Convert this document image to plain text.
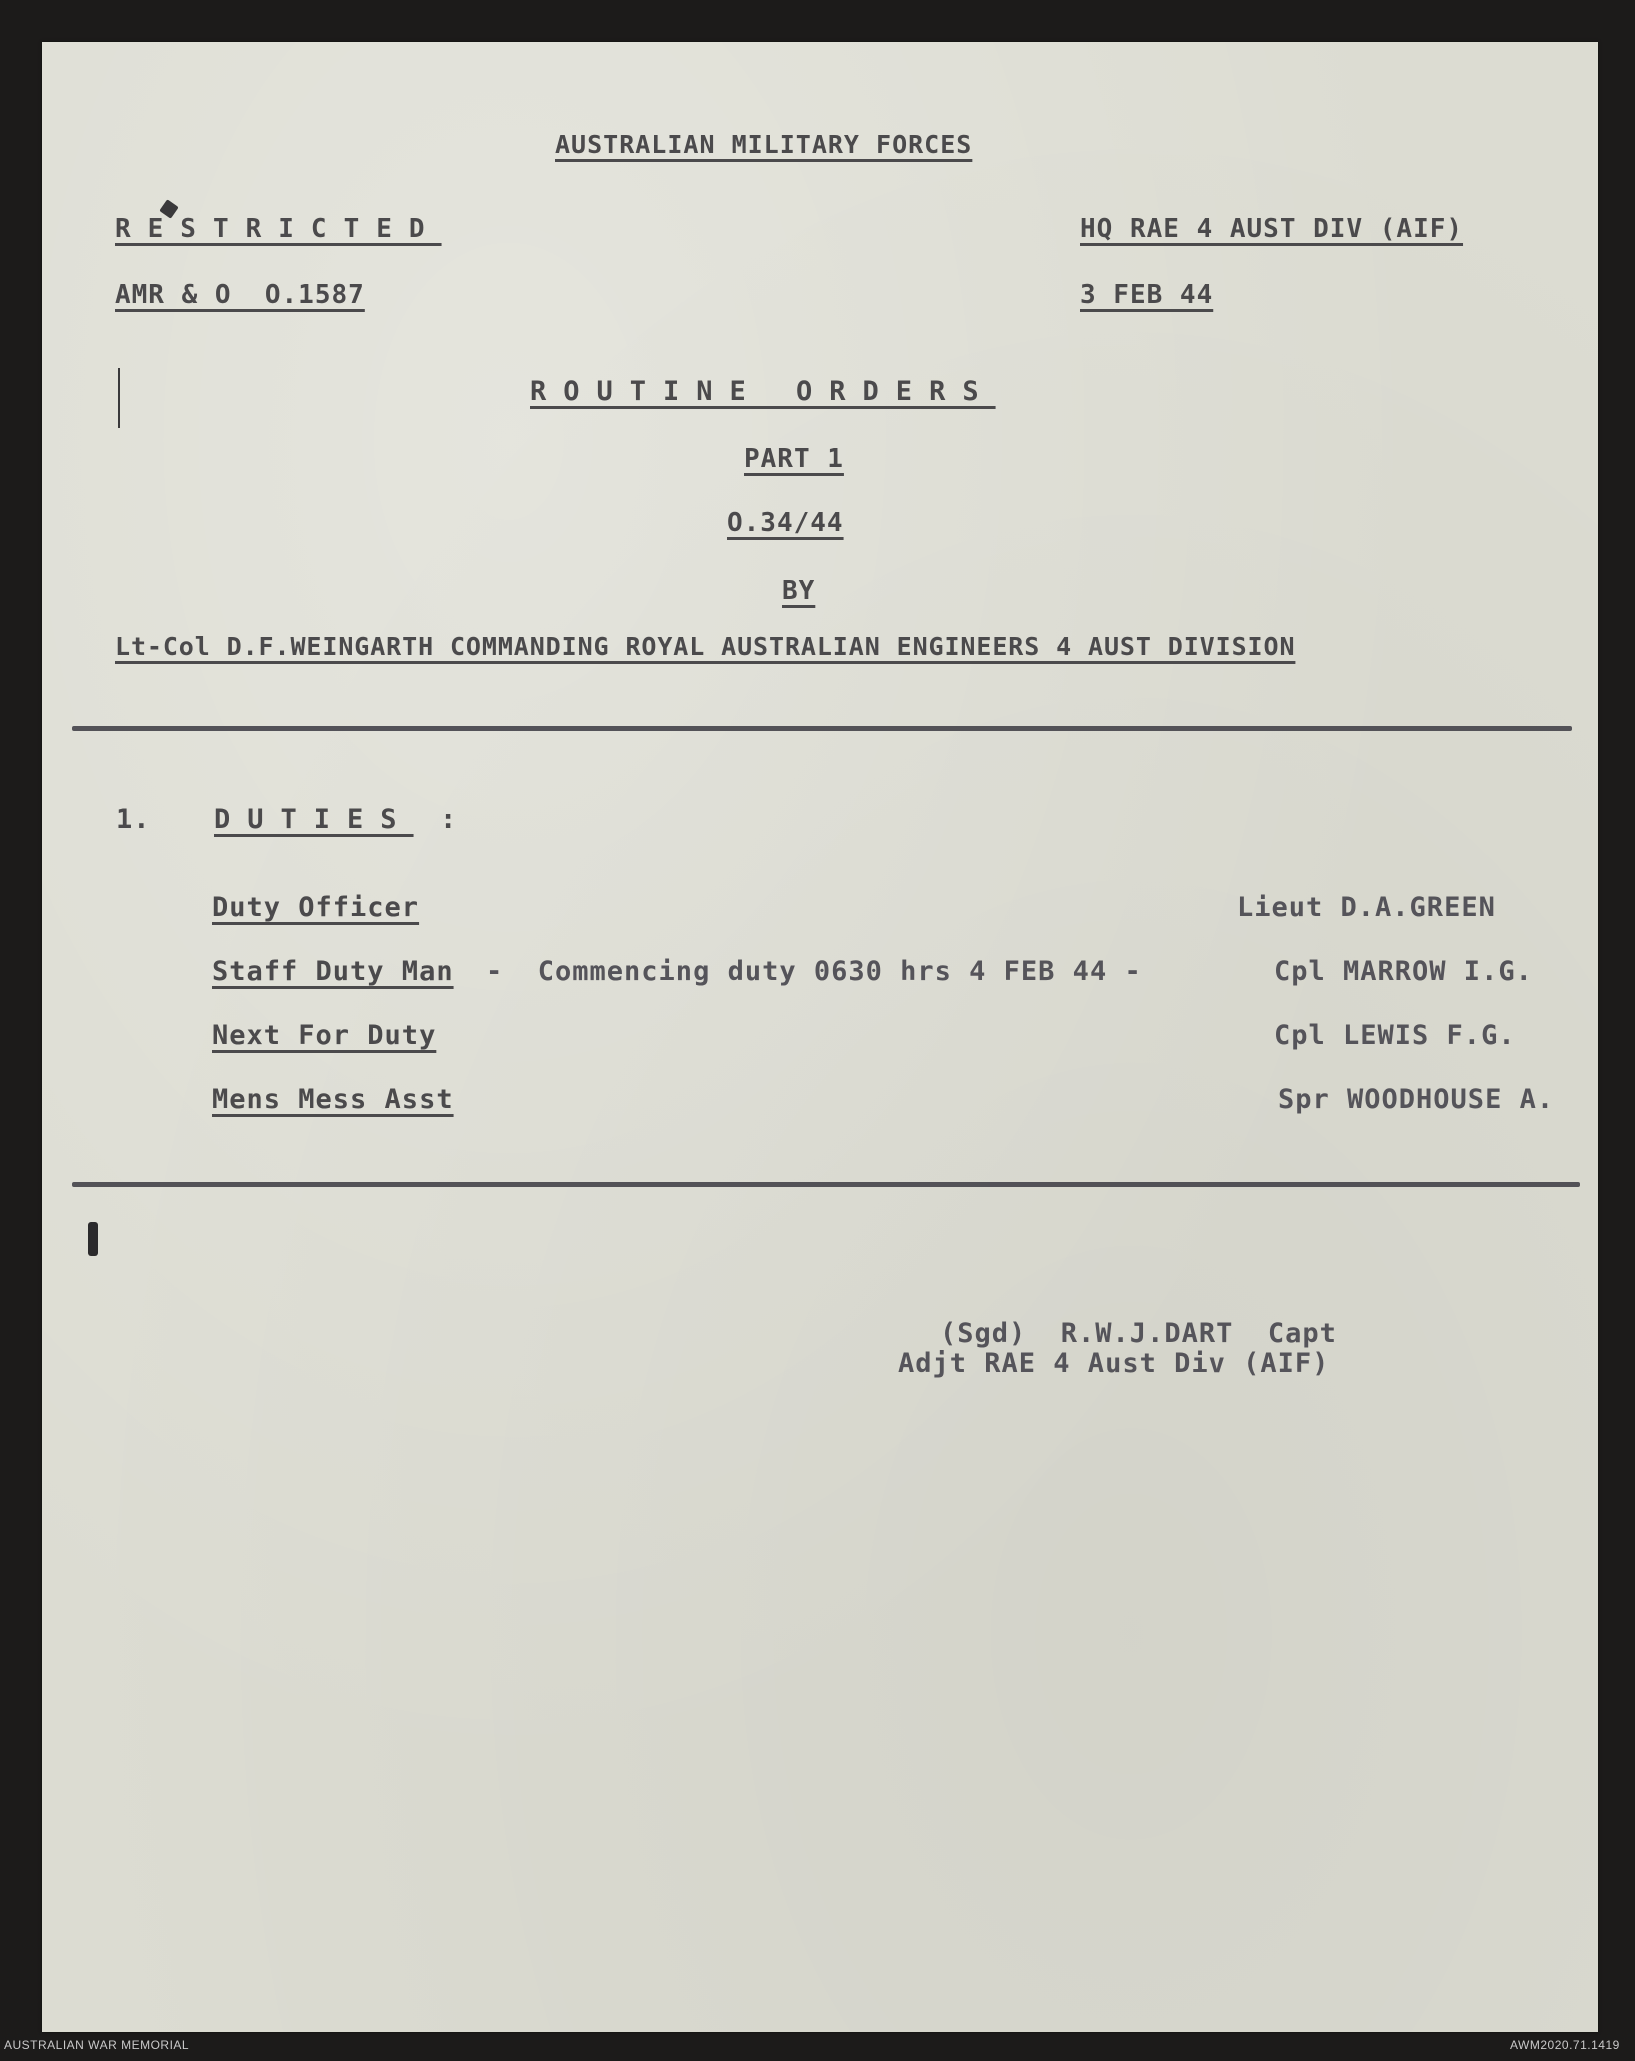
AUSTRALIAN MILITARY FORCES
RESTRICTED	HQ RAE 4 AUST DIV (AIF)
AMR & O  O.1587	3 FEB 44
ROUTINE ORDERS
PART 1
O.34/44
BY
Lt-Col D.F.WEINGARTH COMMANDING ROYAL AUSTRALIAN ENGINEERS 4 AUST DIVISION
1. DUTIES :
Duty Officer	Lieut D.A.GREEN
Staff Duty Man -  Commencing duty 0630 hrs 4 FEB 44 -	Cpl MARROW I.G.
Next For Duty	Cpl LEWIS F.G.
Mens Mess Asst	Spr WOODHOUSE A.
(Sgd)  R.W.J.DART  Capt
Adjt RAE 4 Aust Div (AIF)
AUSTRALIAN WAR MEMORIAL	AWM2020.71.1419
